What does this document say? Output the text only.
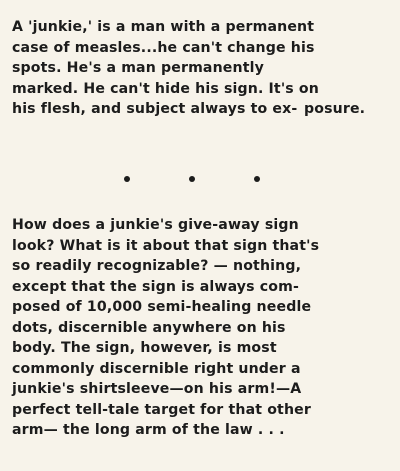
A 'junkie,' is a man with a permanent case of measles...he can't change his spots. He's a man permanently marked. He can't hide his sign. It's on his flesh, and subject always to ex- posure.

How does a junkie's give-away sign look? What is it about that sign that's so readily recognizable? — nothing, except that the sign is always com- posed of 10,000 semi-healing needle dots, discernible anywhere on his body. The sign, however, is most commonly discernible right under a junkie's shirtsleeve—on his arm!—A perfect tell-tale target for that other arm— the long arm of the law . . .
